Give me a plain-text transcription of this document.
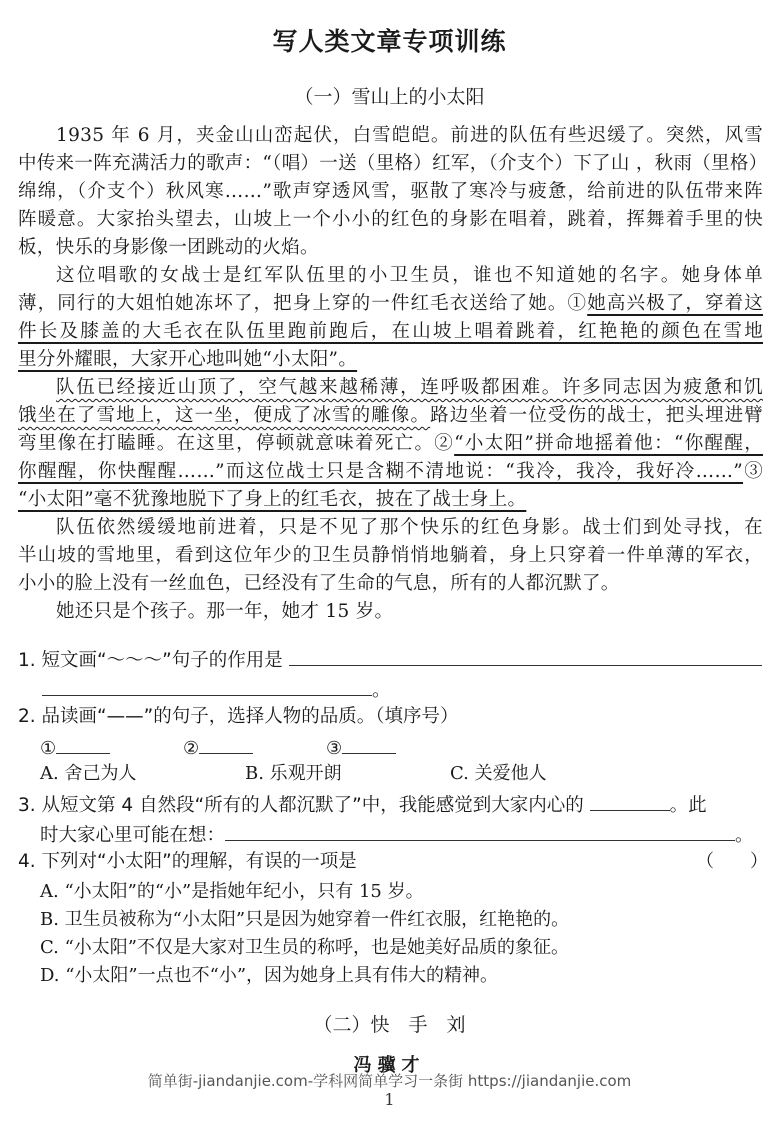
写人类文章专项训练
（一）雪山上的小太阳
1935 年 6 月，夹金山山峦起伏，白雪皑皑。前进的队伍有些迟缓了。突然，风雪
中传来一阵充满活力的歌声：“（唱）一送（里格）红军，（介支个）下了山 ，秋雨（里格）
绵绵，（介支个）秋风寒……”歌声穿透风雪，驱散了寒冷与疲惫，给前进的队伍带来阵
阵暖意。大家抬头望去，山坡上一个小小的红色的身影在唱着，跳着，挥舞着手里的快
板，快乐的身影像一团跳动的火焰。
这位唱歌的女战士是红军队伍里的小卫生员，谁也不知道她的名字。她身体单
薄，同行的大姐怕她冻坏了，把身上穿的一件红毛衣送给了她。①她高兴极了，穿着这
件长及膝盖的大毛衣在队伍里跑前跑后，在山坡上唱着跳着，红艳艳的颜色在雪地
里分外耀眼，大家开心地叫她“小太阳”。
队伍已经接近山顶了，空气越来越稀薄，连呼吸都困难。许多同志因为疲惫和饥
饿坐在了雪地上，这一坐，便成了冰雪的雕像。路边坐着一位受伤的战士，把头埋进臂
弯里像在打瞌睡。在这里，停顿就意味着死亡。②“小太阳”拼命地摇着他：“你醒醒，
你醒醒，你快醒醒……”而这位战士只是含糊不清地说：“我冷，我冷，我好冷……”③
“小太阳”毫不犹豫地脱下了身上的红毛衣，披在了战士身上。
队伍依然缓缓地前进着，只是不见了那个快乐的红色身影。战士们到处寻找，在
半山坡的雪地里，看到这位年少的卫生员静悄悄地躺着，身上只穿着一件单薄的军衣，
小小的脸上没有一丝血色，已经没有了生命的气息，所有的人都沉默了。
她还只是个孩子。那一年，她才 15 岁。
1. 短文画“～～～”句子的作用是
。
2. 品读画“——”的句子，选择人物的品质。（填序号）
①	②	③
A. 舍己为人	B. 乐观开朗	C. 关爱他人
3. 从短文第 4 自然段“所有的人都沉默了”中，我能感觉到大家内心的	。此
时大家心里可能在想：	。
4. 下列对“小太阳”的理解，有误的一项是	（　　）
A. “小太阳”的“小”是指她年纪小，只有 15 岁。
B. 卫生员被称为“小太阳”只是因为她穿着一件红衣服，红艳艳的。
C. “小太阳”不仅是大家对卫生员的称呼，也是她美好品质的象征。
D. “小太阳”一点也不“小”，因为她身上具有伟大的精神。
（二）快　手　刘
冯骥才
简单街-jiandanjie.com-学科网简单学习一条街 https://jiandanjie.com
1
